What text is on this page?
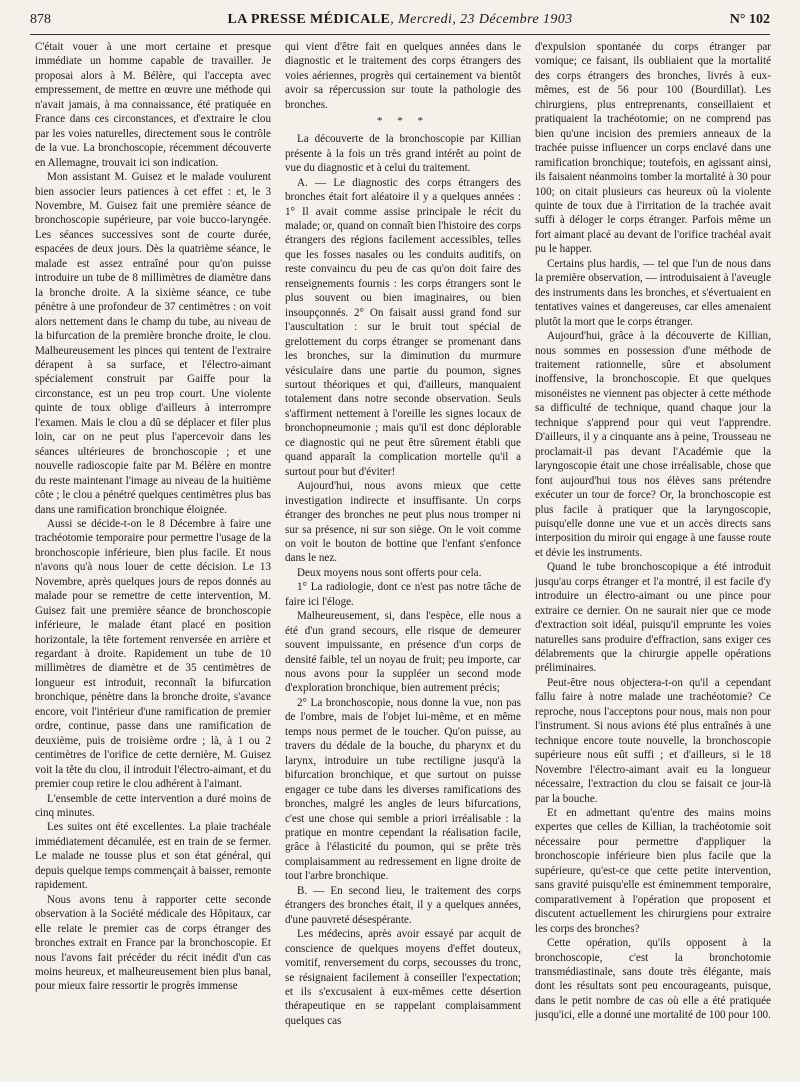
878	LA PRESSE MÉDICALE, Mercredi, 23 Décembre 1903	N° 102

C'était vouer à une mort certaine et presque immédiate un homme capable de travailler. Je proposai alors à M. Bélère, qui l'accepta avec empressement, de mettre en œuvre une méthode qui n'avait jamais, à ma connaissance, été pratiquée en France dans ces circonstances, et d'extraire le clou par les voies naturelles, directement sous le contrôle de la vue. La bronchoscopie, récemment découverte en Allemagne, trouvait ici son indication.

Mon assistant M. Guisez et le malade voulurent bien associer leurs patiences à cet effet : et, le 3 Novembre, M. Guisez fait une première séance de bronchoscopie supérieure, par voie bucco-laryngée. Les séances successives sont de courte durée, espacées de deux jours. Dès la quatrième séance, le malade est assez entraîné pour qu'on puisse introduire un tube de 8 millimètres de diamètre dans la bronche droite. A la sixième séance, ce tube pénètre à une profondeur de 37 centimètres : on voit alors nettement dans le champ du tube, au niveau de la bifurcation de la première bronche droite, le clou. Malheureusement les pinces qui tentent de l'extraire dérapent à sa surface, et l'électro-aimant spécialement construit par Gaiffe pour la circonstance, est un peu trop court. Une violente quinte de toux oblige d'ailleurs à interrompre l'examen. Mais le clou a dû se déplacer et filer plus loin, car on ne peut plus l'apercevoir dans les séances ultérieures de bronchoscopie ; et une nouvelle radioscopie faite par M. Bélère en montre du reste maintenant l'image au niveau de la huitième côte ; le clou a pénétré quelques centimètres plus bas dans une ramification bronchique éloignée.

Aussi se décide-t-on le 8 Décembre à faire une trachéotomie temporaire pour permettre l'usage de la bronchoscopie inférieure, bien plus facile. Et nous n'avons qu'à nous louer de cette décision. Le 13 Novembre, après quelques jours de repos donnés au malade pour se remettre de cette intervention, M. Guisez fait une première séance de bronchoscopie inférieure, le malade étant placé en position horizontale, la tête fortement renversée en arrière et regardant à droite. Rapidement un tube de 10 millimètres de diamètre et de 35 centimètres de longueur est introduit, reconnaît la bifurcation bronchique, pénètre dans la bronche droite, s'avance encore, voit l'intérieur d'une ramification de premier ordre, continue, passe dans une ramification de deuxième, puis de troisième ordre ; là, à 1 ou 2 centimètres de l'orifice de cette dernière, M. Guisez voit la tête du clou, il introduit l'électro-aimant, et du premier coup retire le clou adhérent à l'aimant.

L'ensemble de cette intervention a duré moins de cinq minutes.

Les suites ont été excellentes. La plaie trachéale immédiatement décanulée, est en train de se fermer. Le malade ne tousse plus et son état général, qui depuis quelque temps commençait à baisser, remonte rapidement.

Nous avons tenu à rapporter cette seconde observation à la Société médicale des Hôpitaux, car elle relate le premier cas de corps étranger des bronches extrait en France par la bronchoscopie. Et nous l'avons fait précéder du récit inédit d'un cas moins heureux, et malheureusement bien plus banal, pour mieux faire ressortir le progrès immense

qui vient d'être fait en quelques années dans le diagnostic et le traitement des corps étrangers des voies aériennes, progrès qui certainement va bientôt avoir sa répercussion sur toute la pathologie des bronches.

* * *

La découverte de la bronchoscopie par Killian présente à la fois un très grand intérêt au point de vue du diagnostic et à celui du traitement.

A. — Le diagnostic des corps étrangers des bronches était fort aléatoire il y a quelques années : 1° Il avait comme assise principale le récit du malade; or, quand on connaît bien l'histoire des corps étrangers des régions facilement accessibles, telles que les fosses nasales ou les conduits auditifs, on reste convaincu du peu de cas qu'on doit faire des renseignements fournis : les corps étrangers sont le plus souvent ou bien imaginaires, ou bien insoupçonnés. 2° On faisait aussi grand fond sur l'auscultation : sur le bruit tout spécial de grelottement du corps étranger se promenant dans les bronches, sur la diminution du murmure vésiculaire dans une partie du poumon, signes surtout théoriques et qui, d'ailleurs, manquaient totalement dans notre seconde observation. Seuls s'affirment nettement à l'oreille les signes locaux de bronchopneumonie ; mais qu'il est donc déplorable ce diagnostic qui ne peut être sûrement établi que quand apparaît la complication mortelle qu'il a surtout pour but d'éviter!

Aujourd'hui, nous avons mieux que cette investigation indirecte et insuffisante. Un corps étranger des bronches ne peut plus nous tromper ni sur sa présence, ni sur son siège. On le voit comme on voit le bouton de bottine que l'enfant s'enfonce dans le nez.

Deux moyens nous sont offerts pour cela.

1° La radiologie, dont ce n'est pas notre tâche de faire ici l'éloge.

Malheureusement, si, dans l'espèce, elle nous a été d'un grand secours, elle risque de demeurer souvent impuissante, en présence d'un corps de densité faible, tel un noyau de fruit; peu importe, car nous avons pour la suppléer un second mode d'exploration bronchique, bien autrement précis;

2° La bronchoscopie, nous donne la vue, non pas de l'ombre, mais de l'objet lui-même, et en même temps nous permet de le toucher. Qu'on puisse, au travers du dédale de la bouche, du pharynx et du larynx, introduire un tube rectiligne jusqu'à la bifurcation bronchique, et que surtout on puisse engager ce tube dans les diverses ramifications des bronches, malgré les angles de leurs bifurcations, c'est une chose qui semble a priori irréalisable : la pratique en montre cependant la réalisation facile, grâce à l'élasticité du poumon, qui se prête très complaisamment au redressement en ligne droite de tout l'arbre bronchique.

B. — En second lieu, le traitement des corps étrangers des bronches était, il y a quelques années, d'une pauvreté désespérante.

Les médecins, après avoir essayé par acquit de conscience de quelques moyens d'effet douteux, vomitif, renversement du corps, secousses du tronc, se résignaient facilement à conseiller l'expectation; et ils s'excusaient à eux-mêmes cette désertion thérapeutique en se rappelant complaisamment quelques cas

d'expulsion spontanée du corps étranger par vomique; ce faisant, ils oubliaient que la mortalité des corps étrangers des bronches, livrés à eux-mêmes, est de 56 pour 100 (Bourdillat). Les chirurgiens, plus entreprenants, conseillaient et pratiquaient la trachéotomie; on ne comprend pas bien qu'une incision des premiers anneaux de la trachée puisse influencer un corps enclavé dans une ramification bronchique; toutefois, en agissant ainsi, ils faisaient néanmoins tomber la mortalité à 30 pour 100; on citait plusieurs cas heureux où la violente quinte de toux due à l'irritation de la trachée avait suffi à déloger le corps étranger. Parfois même un fort aimant placé au devant de l'orifice trachéal avait pu le happer.

Certains plus hardis, — tel que l'un de nous dans la première observation, — introduisaient à l'aveugle des instruments dans les bronches, et s'évertuaient en tentatives vaines et dangereuses, car elles amenaient plutôt la mort que le corps étranger.

Aujourd'hui, grâce à la découverte de Killian, nous sommes en possession d'une méthode de traitement rationnelle, sûre et absolument inoffensive, la bronchoscopie. Et que quelques misonéistes ne viennent pas objecter à cette méthode sa difficulté de technique, quand chaque jour la technique s'apprend pour qui veut l'apprendre. D'ailleurs, il y a cinquante ans à peine, Trousseau ne proclamait-il pas devant l'Académie que la laryngoscopie était une chose irréalisable, chose que font aujourd'hui tous nos élèves sans prétendre exécuter un tour de force? Or, la bronchoscopie est plus facile à pratiquer que la laryngoscopie, puisqu'elle donne une vue et un accès directs sans interposition du miroir qui engage à une fausse route et dévie les instruments.

Quand le tube bronchoscopique a été introduit jusqu'au corps étranger et l'a montré, il est facile d'y introduire un électro-aimant ou une pince pour extraire ce dernier. On ne saurait nier que ce mode d'extraction soit idéal, puisqu'il emprunte les voies naturelles sans produire d'effraction, sans exiger ces délabrements que la chirurgie appelle opérations préliminaires.

Peut-être nous objectera-t-on qu'il a cependant fallu faire à notre malade une trachéotomie? Ce reproche, nous l'acceptons pour nous, mais non pour l'instrument. Si nous avions été plus entraînés à une technique encore toute nouvelle, la bronchoscopie supérieure nous eût suffi ; et d'ailleurs, si le 18 Novembre l'électro-aimant avait eu la longueur nécessaire, l'extraction du clou se faisait ce jour-là par la bouche.

Et en admettant qu'entre des mains moins expertes que celles de Killian, la trachéotomie soit nécessaire pour permettre d'appliquer la bronchoscopie inférieure bien plus facile que la supérieure, qu'est-ce que cette petite intervention, sans gravité puisqu'elle est éminemment temporaire, comparativement à l'opération que proposent et discutent actuellement les chirurgiens pour extraire les corps des bronches?

Cette opération, qu'ils opposent à la bronchoscopie, c'est la bronchotomie transmédiastinale, sans doute très élégante, mais dont les résultats sont peu encourageants, puisque, dans le petit nombre de cas où elle a été pratiquée jusqu'ici, elle a donné une mortalité de 100 pour 100.
